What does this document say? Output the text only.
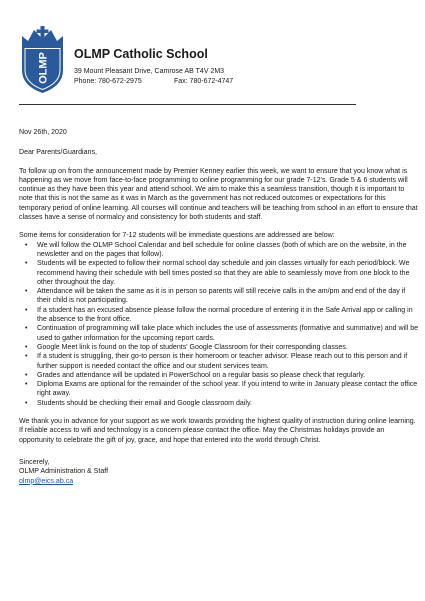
OLMP OLMP Catholic School
39 Mount Pleasant Drive, Camrose AB T4V 2M3
Phone: 780-672-2975	Fax: 780-672-4747

Nov 26th, 2020

Dear Parents/Guardians,

To follow up on from the announcement made by Premier Kenney earlier this week, we want to ensure that you know what is happening as we move from face-to-face programming to online programming for our grade 7-12's. Grade 5 & 6 students will continue as they have been this year and attend school. We aim to make this a seamless transition, though it is important to note that this is not the same as it was in March as the government has not reduced outcomes or expectations for this temporary period of online learning. All courses will continue and teachers will be teaching from school in an effort to ensure that classes have a sense of normalcy and consistency for both students and staff.

Some items for consideration for 7-12 students will be immediate questions are addressed are below:

• We will follow the OLMP School Calendar and bell schedule for online classes (both of which are on the website, in the newsletter and on the pages that follow).
• Students will be expected to follow their normal school day schedule and join classes virtually for each period/block. We recommend having their schedule with bell times posted so that they are able to seamlessly move from one block to the other throughout the day.
• Attendance will be taken the same as it is in person so parents will still receive calls in the am/pm and end of the day if their child is not participating.
• If a student has an excused absence please follow the normal procedure of entering it in the Safe Arrival app or calling in the absence to the front office.
• Continuation of programming will take place which includes the use of assessments (formative and summative) and will be used to gather information for the upcoming report cards.
• Google Meet link is found on the top of students' Google Classroom for their corresponding classes.
• If a student is struggling, their go-to person is their homeroom or teacher advisor. Please reach out to this person and if further support is needed contact the office and our student services team.
• Grades and attendance will be updated in PowerSchool on a regular basis so please check that regularly.
• Diploma Exams are optional for the remainder of the school year. If you intend to write in January please contact the office right away.
• Students should be checking their email and Google classroom daily.

We thank you in advance for your support as we work towards providing the highest quality of instruction during online learning. If reliable access to wifi and technology is a concern please contact the office. May the Christmas holidays provide an opportunity to celebrate the gift of joy, grace, and hope that entered into the world through Christ.

Sincerely,

OLMP Administration & Staff

olmp@eics.ab.ca
